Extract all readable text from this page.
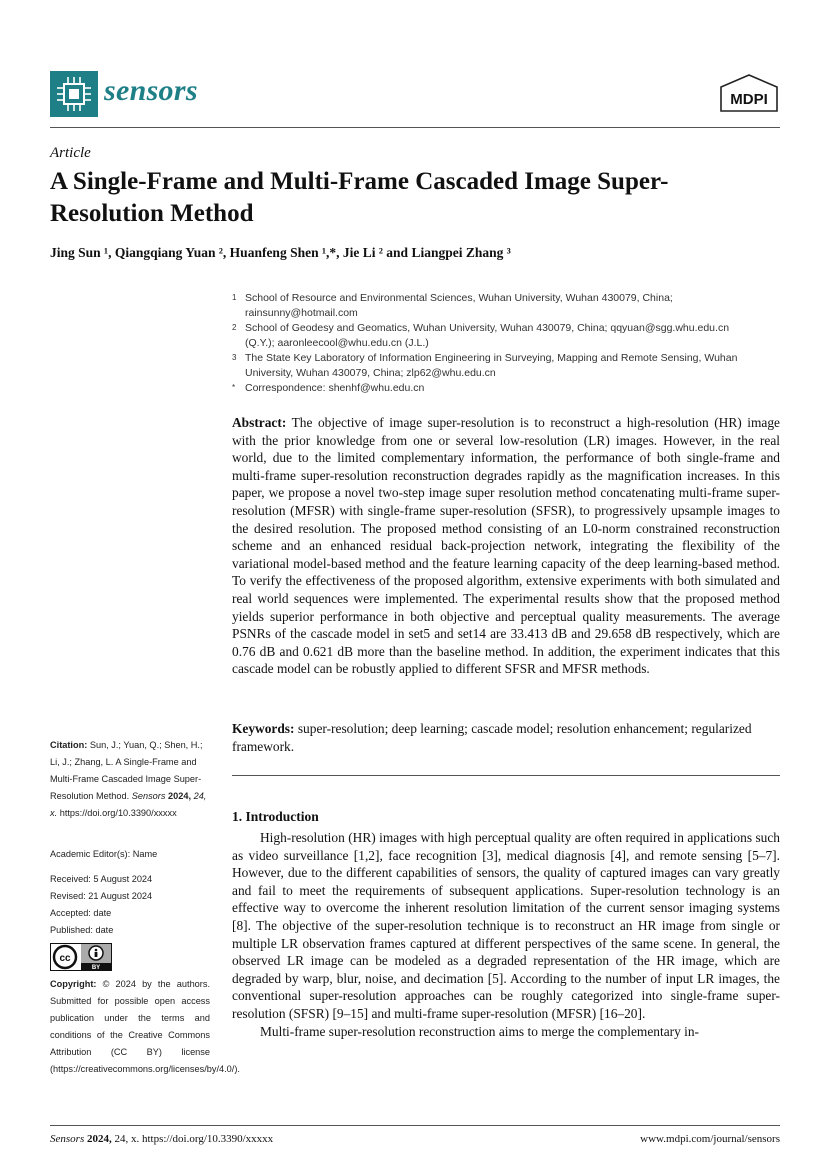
sensors	MDPI
Article
A Single-Frame and Multi-Frame Cascaded Image Super-Resolution Method
Jing Sun ¹, Qiangqiang Yuan ², Huanfeng Shen ¹,*, Jie Li ² and Liangpei Zhang ³
1 School of Resource and Environmental Sciences, Wuhan University, Wuhan 430079, China; rainsunny@hotmail.com
2 School of Geodesy and Geomatics, Wuhan University, Wuhan 430079, China; qqyuan@sgg.whu.edu.cn (Q.Y.); aaronleecool@whu.edu.cn (J.L.)
3 The State Key Laboratory of Information Engineering in Surveying, Mapping and Remote Sensing, Wuhan University, Wuhan 430079, China; zlp62@whu.edu.cn
* Correspondence: shenhf@whu.edu.cn
Abstract: The objective of image super-resolution is to reconstruct a high-resolution (HR) image with the prior knowledge from one or several low-resolution (LR) images. However, in the real world, due to the limited complementary information, the performance of both single-frame and multi-frame super-resolution reconstruction degrades rapidly as the magnification increases. In this paper, we propose a novel two-step image super resolution method concatenating multi-frame super-resolution (MFSR) with single-frame super-resolution (SFSR), to progressively upsample images to the desired resolution. The proposed method consisting of an L0-norm constrained reconstruction scheme and an enhanced residual back-projection network, integrating the flexibility of the variational model-based method and the feature learning capacity of the deep learning-based method. To verify the effectiveness of the proposed algorithm, extensive experiments with both simulated and real world sequences were implemented. The experimental results show that the proposed method yields superior performance in both objective and perceptual quality measurements. The average PSNRs of the cascade model in set5 and set14 are 33.413 dB and 29.658 dB respectively, which are 0.76 dB and 0.621 dB more than the baseline method. In addition, the experiment indicates that this cascade model can be robustly applied to different SFSR and MFSR methods.
Keywords: super-resolution; deep learning; cascade model; resolution enhancement; regularized framework.
Citation: Sun, J.; Yuan, Q.; Shen, H.; Li, J.; Zhang, L. A Single-Frame and Multi-Frame Cascaded Image Super-Resolution Method. Sensors 2024, 24, x. https://doi.org/10.3390/xxxxx
Academic Editor(s): Name
Received: 5 August 2024
Revised: 21 August 2024
Accepted: date
Published: date
cc
BY
Copyright: © 2024 by the authors. Submitted for possible open access publication under the terms and conditions of the Creative Commons Attribution (CC BY) license (https://creativecommons.org/licenses/by/4.0/).
1. Introduction

High-resolution (HR) images with high perceptual quality are often required in applications such as video surveillance [1,2], face recognition [3], medical diagnosis [4], and remote sensing [5–7]. However, due to the different capabilities of sensors, the quality of captured images can vary greatly and fail to meet the requirements of subsequent applications. Super-resolution technology is an effective way to overcome the inherent resolution limitation of the current sensor imaging systems [8]. The objective of the super-resolution technique is to reconstruct an HR image from single or multiple LR observation frames captured at different perspectives of the same scene. In general, the observed LR image can be modeled as a degraded representation of the HR image, which are degraded by warp, blur, noise, and decimation [5]. According to the number of input LR images, the conventional super-resolution approaches can be roughly categorized into single-frame super-resolution (SFSR) [9–15] and multi-frame super-resolution (MFSR) [16–20].

Multi-frame super-resolution reconstruction aims to merge the complementary in-

Sensors 2024, 24, x. https://doi.org/10.3390/xxxxx	www.mdpi.com/journal/sensors
